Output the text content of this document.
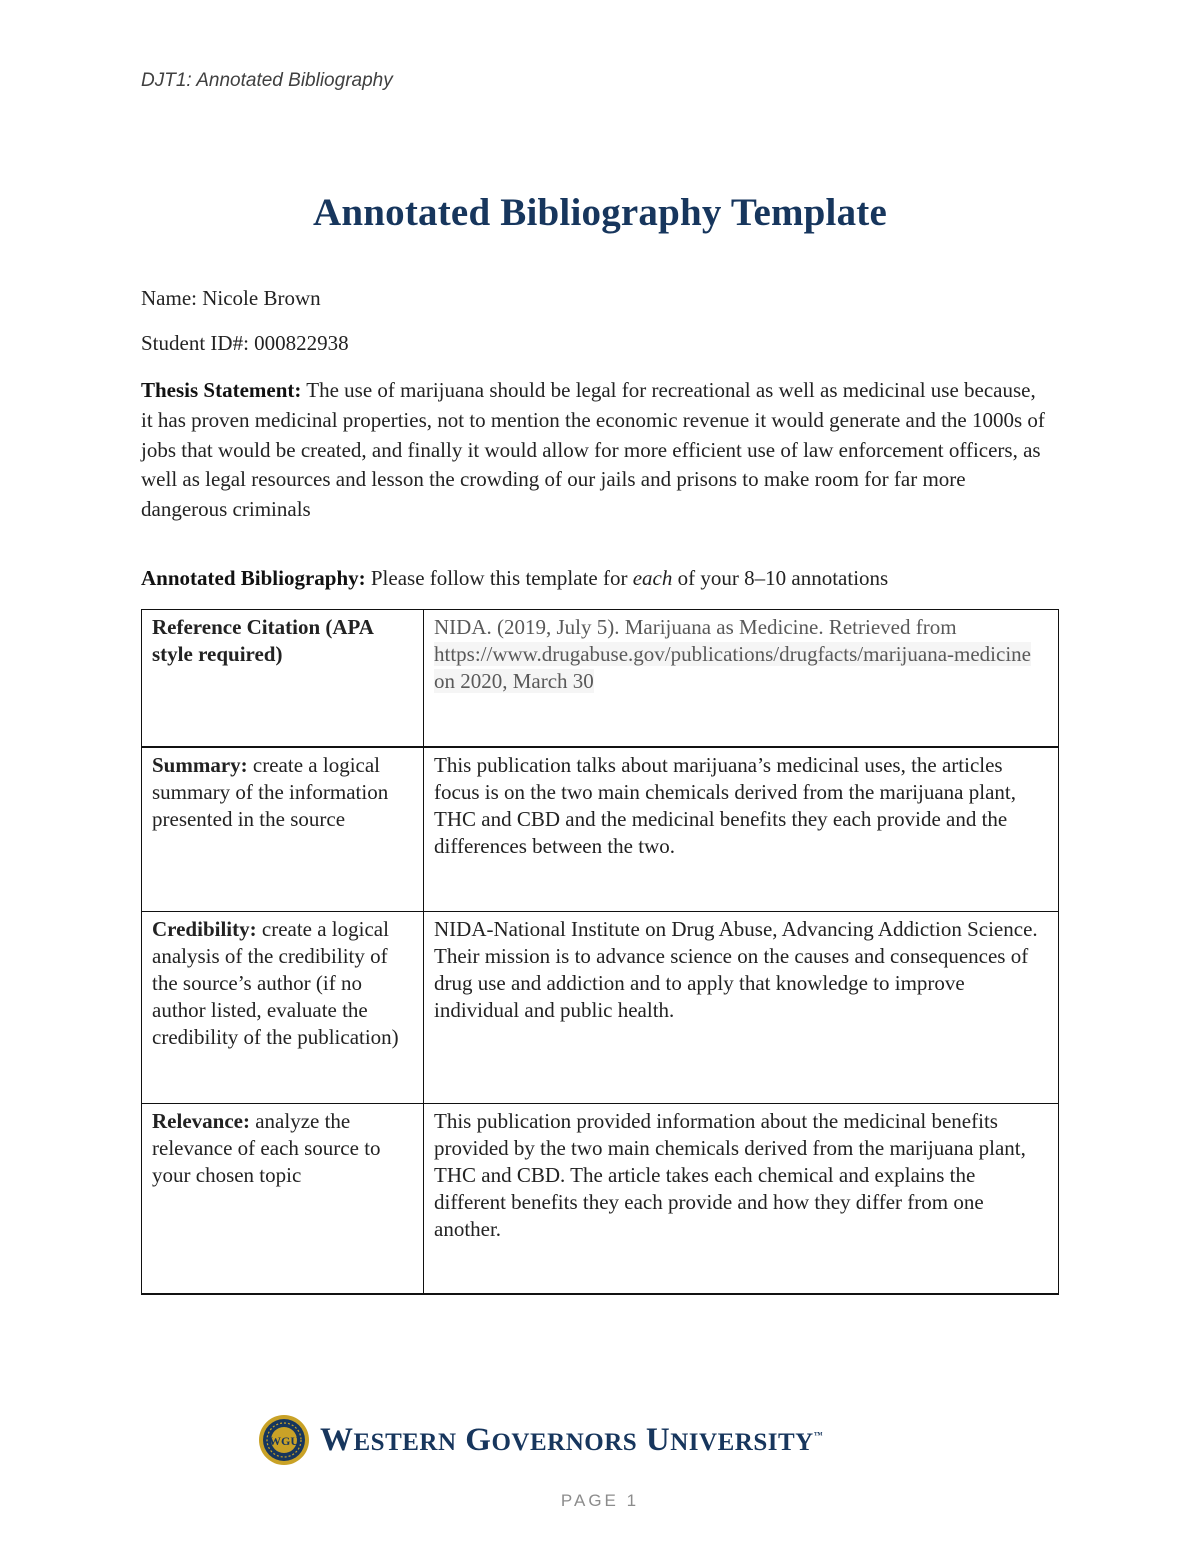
DJT1: Annotated Bibliography
Annotated Bibliography Template
Name: Nicole Brown
Student ID#: 000822938
Thesis Statement: The use of marijuana should be legal for recreational as well as medicinal use because, it has proven medicinal properties, not to mention the economic revenue it would generate and the 1000s of jobs that would be created, and finally it would allow for more efficient use of law enforcement officers, as well as legal resources and lesson the crowding of our jails and prisons to make room for far more dangerous criminals
Annotated Bibliography: Please follow this template for each of your 8–10 annotations
Reference Citation (APA style required)	NIDA. (2019, July 5). Marijuana as Medicine. Retrieved from https://www.drugabuse.gov/publications/drugfacts/marijuana-medicine on 2020, March 30
Summary: create a logical summary of the information presented in the source	This publication talks about marijuana’s medicinal uses, the articles focus is on the two main chemicals derived from the marijuana plant, THC and CBD and the medicinal benefits they each provide and the differences between the two.
Credibility: create a logical analysis of the credibility of the source’s author (if no author listed, evaluate the credibility of the publication)	NIDA-National Institute on Drug Abuse, Advancing Addiction Science. Their mission is to advance science on the causes and consequences of drug use and addiction and to apply that knowledge to improve individual and public health.
Relevance: analyze the relevance of each source to your chosen topic	This publication provided information about the medicinal benefits provided by the two main chemicals derived from the marijuana plant, THC and CBD. The article takes each chemical and explains the different benefits they each provide and how they differ from one another.
WGU WESTERN GOVERNORS UNIVERSITY™
PAGE 1
